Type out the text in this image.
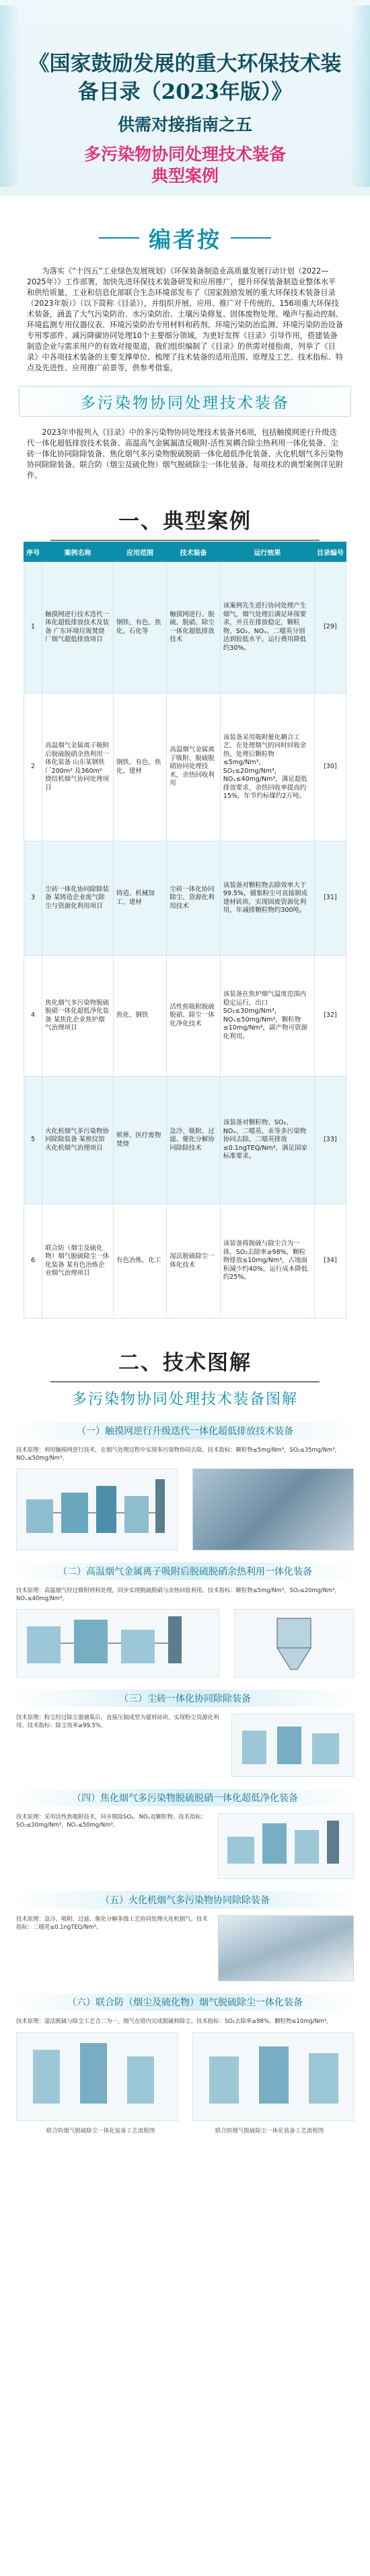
《国家鼓励发展的重大环保技术装
备目录（2023年版）》
供需对接指南之五
多污染物协同处理技术装备
典型案例
编者按

为落实《“十四五”工业绿色发展规划》《环保装备制造业高质量发展行动计划（2022—2025年）》工作部署，加快先进环保技术装备研发和应用推广，提升环保装备制造业整体水平和供给质量，工业和信息化部联合生态环境部发布了《国家鼓励发展的重大环保技术装备目录（2023年版）》（以下简称《目录》），并组织开展、应用、推广对于传统的，156项重大环保技术装备，涵盖了大气污染防治、水污染防治、土壤污染修复、固体废物处理、噪声与振动控制、环境监测专用仪器仪表、环境污染防治专用材料和药剂、环境污染防治监测、环境污染防治设备专用零部件、减污降碳协同处理10个主要细分领域，为更好发挥《目录》引导作用，搭建装备制造企业与需求用户的有效对接渠道，我们组织编制了《目录》的供需对接指南，列举了《目录》中各项技术装备的主要支撑单位、梳理了技术装备的适用范围、原理及工艺、技术指标、特点及先进性、应用推广前景等，供参考借鉴。

多污染物协同处理技术装备

2023年申报列入《目录》中的多污染物协同处理技术装备共6项，包括触摸网逆行升级迭代一体化超低排放技术装备、高温高气金属漏渣反吸附-活性炭耦合除尘热利用一体化装备、尘砖一体化协同除除装备、焦化烟气多污染物脱硫脱硝一体化超低净化装备、火化机烟气多污染物协同除除装备、联合防（烟尘及硫化物）烟气脱硫除尘一体化装备。每项技术的典型案例详见附件。

一、典型案例
序号	案例名称	应用范围	技术装备	运行效果	目录编号
1	触摸网逆行技术迭代一体化超低排放技术及装备 广东环境垃圾焚烧厂烟气超低排放项目	钢铁、有色、焦化、石化等	触摸网逆行、脱硫、脱硝、除尘一体化超低排放技术	该案例先生进行协同处理产生烟气，烟气处理后满足环保要求，并且在排放稳定，颗粒物、SO₂、NOₓ、二噁英分别达到较低水平，运行费用降低约30%。	[29]
2	高温烟气金属离子吸附后脱硫脱硝余热利用一体化装备 山东某钢铁厂200m² 及360m² 烧结机烟气协同处理项目	钢铁、有色、焦化、建材	高温烟气金属离子吸附、脱硫脱硝协同处理技术，余热回收利用	该装备采用吸附催化耦合工艺，在处理烟气的同时回收余热，处理后颗粒物≤5mg/Nm³，SO₂≤20mg/Nm³，NOₓ≤40mg/Nm³，满足超低排放要求，余热回收率提高约15%，年节约标煤约2万吨。	[30]
3	尘砖一体化协同除除装备 某铸造企业废气除尘与资源化利用项目	铸造、机械加工、建材	尘砖一体化协同除尘、资源化利用技术	该装备对颗粒物去除效率大于99.5%，捕集粉尘可直接制成建材砖块，实现固废资源化利用，年减排颗粒物约300吨。	[31]
4	焦化烟气多污染物脱硫脱硝一体化超低净化装备 某焦化企业焦炉烟气治理项目	焦化、钢铁	活性焦吸附脱硫脱硝、除尘一体化净化技术	该装备在焦炉烟气温度范围内稳定运行，出口SO₂≤30mg/Nm³，NOₓ≤50mg/Nm³，颗粒物≤10mg/Nm³，副产物可资源化利用。	[32]
5	火化机烟气多污染物协同除除装备 某殡仪馆火化机烟气治理项目	殡葬、医疗废物焚烧	急冷、吸附、过滤、催化分解协同除除技术	该装备对颗粒物、SO₂、NOₓ、二噁英、汞等多污染物协同去除，二噁英排放≤0.1ngTEQ/Nm³，满足国家标准要求。	[33]
6	联合防（烟尘及硫化物）烟气脱硫除尘一体化装备 某有色冶炼企业烟气治理项目	有色冶炼、化工	湿法脱硫除尘一体化技术	该装备将脱硫与除尘合为一体，SO₂去除率≥98%，颗粒物排放≤10mg/Nm³，占地面积减少约40%，运行成本降低约25%。	[34]
二、技术图解
多污染物协同处理技术装备图解
（一）触摸网逆行升级迭代一体化超低排放技术装备

技术原理：利用触摸网逆行技术，在烟气处理过程中实现多污染物协同去除。技术指标：颗粒物≤5mg/Nm³，SO₂≤35mg/Nm³，NOₓ≤50mg/Nm³。

（二）高温烟气金属离子吸附后脱硫脱硝余热利用一体化装备

技术原理：高温烟气经过吸附材料处理，同步实现脱硫脱硝与余热回收利用。技术指标：颗粒物≤5mg/Nm³，SO₂≤20mg/Nm³，NOₓ≤40mg/Nm³。

（三）尘砖一体化协同除除装备

技术原理：粉尘经过除尘器捕集后，直接压制成型为建材砖块，实现粉尘资源化利用。技术指标：除尘效率≥99.5%。

（四）焦化烟气多污染物脱硫脱硝一体化超低净化装备

技术原理：采用活性焦吸附技术，同步脱除SO₂、NOₓ及颗粒物。技术指标：SO₂≤30mg/Nm³，NOₓ≤50mg/Nm³。

（五）火化机烟气多污染物协同除除装备

技术原理：急冷、吸附、过滤、催化分解多级工艺协同处理火化机烟气。技术指标：二噁英≤0.1ngTEQ/Nm³。

（六）联合防（烟尘及硫化物）烟气脱硫除尘一体化装备

技术原理：湿法脱硫与除尘工艺合二为一，烟气在塔内完成脱硫和除尘。技术指标：SO₂去除率≥98%，颗粒物≤10mg/Nm³。

联合防烟气脱硫除尘一体化装备工艺流程图	联合防烟气脱硫除尘一体化装备工艺流程图
